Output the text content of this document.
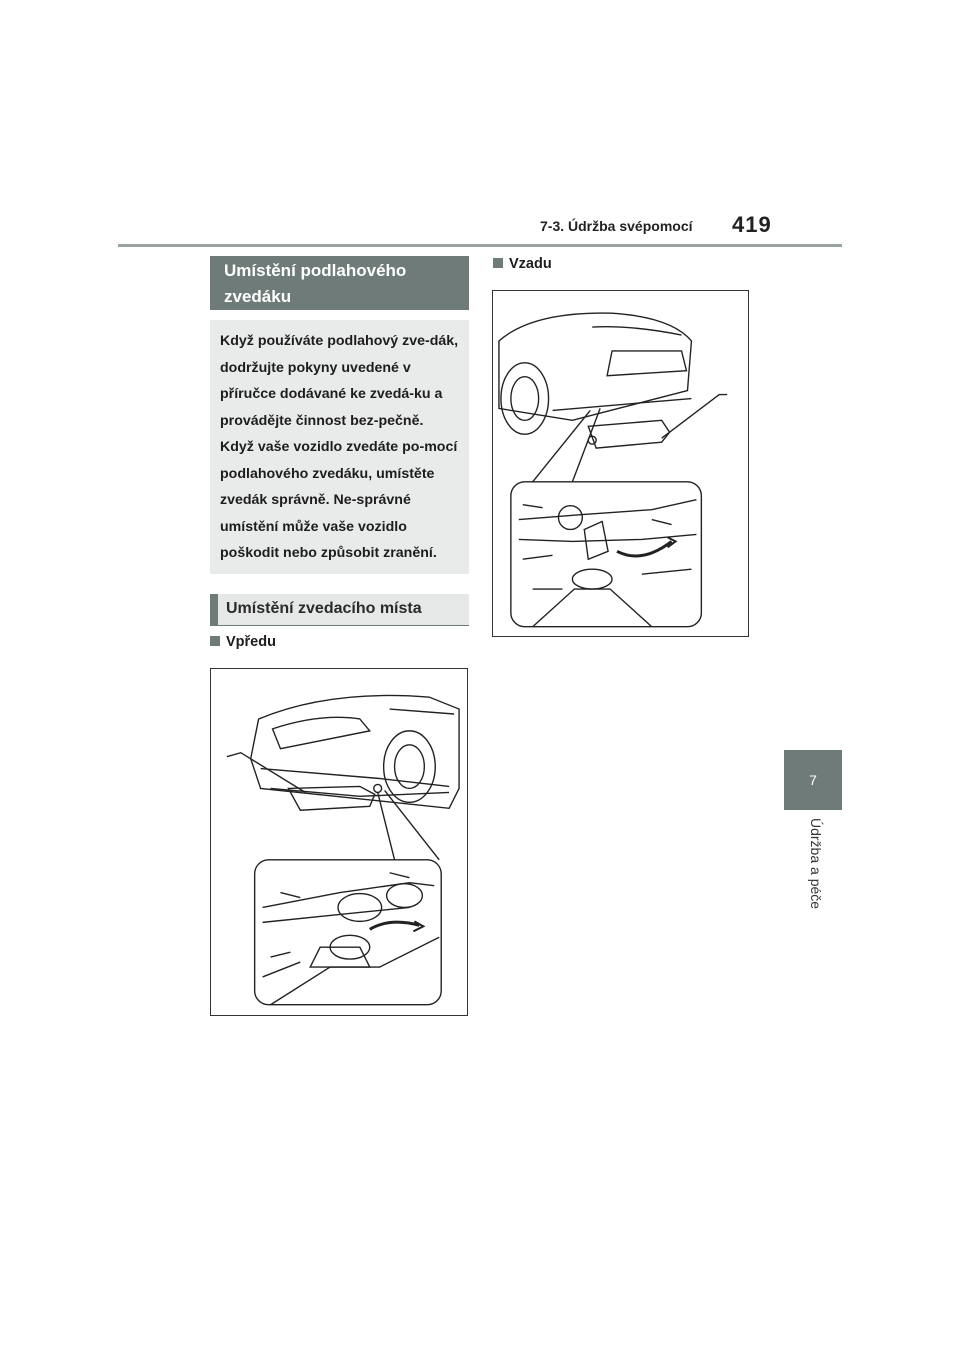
7-3. Údržba svépomocí 419
7
Údržba a péče
Umístění podlahového zvedáku
Když používáte podlahový zve-dák, dodržujte pokyny uvedené v příručce dodávané ke zvedá-ku a provádějte činnost bez-pečně. Když vaše vozidlo zvedáte po-mocí podlahového zvedáku, umístěte zvedák správně. Ne-správné umístění může vaše vozidlo poškodit nebo způsobit zranění.
Umístění zvedacího místa
Vpředu
Vzadu
